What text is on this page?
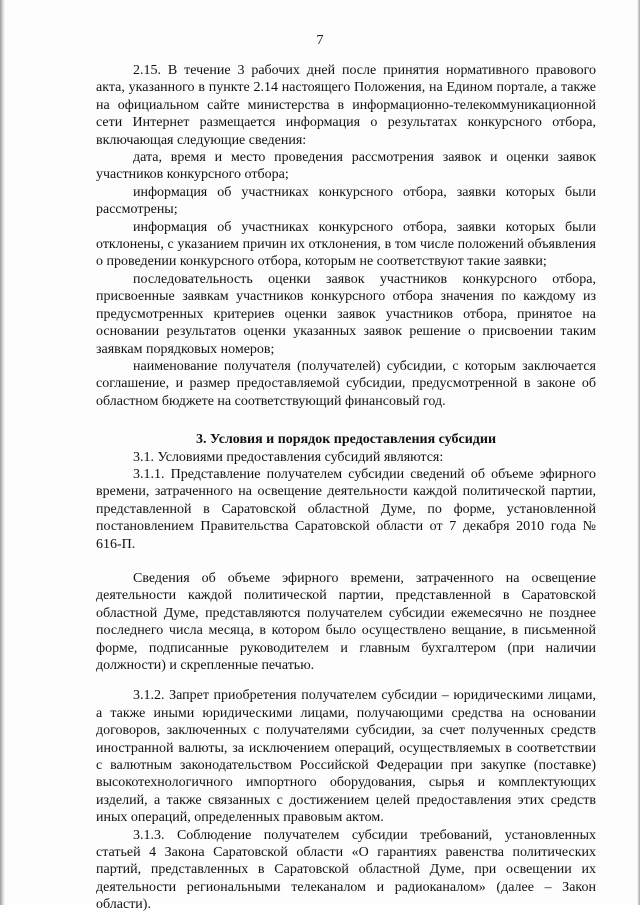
7

2.15. В течение 3 рабочих дней после принятия нормативного правового акта, указанного в пункте 2.14 настоящего Положения, на Едином портале, а также на официальном сайте министерства в информационно-телекоммуникационной сети Интернет размещается информация о результатах конкурсного отбора, включающая следующие сведения:

дата, время и место проведения рассмотрения заявок и оценки заявок участников конкурсного отбора;

информация об участниках конкурсного отбора, заявки которых были рассмотрены;

информация об участниках конкурсного отбора, заявки которых были отклонены, с указанием причин их отклонения, в том числе положений объявления о проведении конкурсного отбора, которым не соответствуют такие заявки;

последовательность оценки заявок участников конкурсного отбора, присвоенные заявкам участников конкурсного отбора значения по каждому из предусмотренных критериев оценки заявок участников отбора, принятое на основании результатов оценки указанных заявок решение о присвоении таким заявкам порядковых номеров;

наименование получателя (получателей) субсидии, с которым заключается соглашение, и размер предоставляемой субсидии, предусмотренной в законе об областном бюджете на соответствующий финансовый год.

3. Условия и порядок предоставления субсидии

3.1. Условиями предоставления субсидий являются:

3.1.1. Представление получателем субсидии сведений об объеме эфирного времени, затраченного на освещение деятельности каждой политической партии, представленной в Саратовской областной Думе, по форме, установленной постановлением Правительства Саратовской области от 7 декабря 2010 года № 616-П.

Сведения об объеме эфирного времени, затраченного на освещение деятельности каждой политической партии, представленной в Саратовской областной Думе, представляются получателем субсидии ежемесячно не позднее последнего числа месяца, в котором было осуществлено вещание, в письменной форме, подписанные руководителем и главным бухгалтером (при наличии должности) и скрепленные печатью.

3.1.2. Запрет приобретения получателем субсидии – юридическими лицами, а также иными юридическими лицами, получающими средства на основании договоров, заключенных с получателями субсидии, за счет полученных средств иностранной валюты, за исключением операций, осуществляемых в соответствии с валютным законодательством Российской Федерации при закупке (поставке) высокотехнологичного импортного оборудования, сырья и комплектующих изделий, а также связанных с достижением целей предоставления этих средств иных операций, определенных правовым актом.

3.1.3. Соблюдение получателем субсидии требований, установленных статьей 4 Закона Саратовской области «О гарантиях равенства политических партий, представленных в Саратовской областной Думе, при освещении их деятельности региональными телеканалом и радиоканалом» (далее – Закон области).
